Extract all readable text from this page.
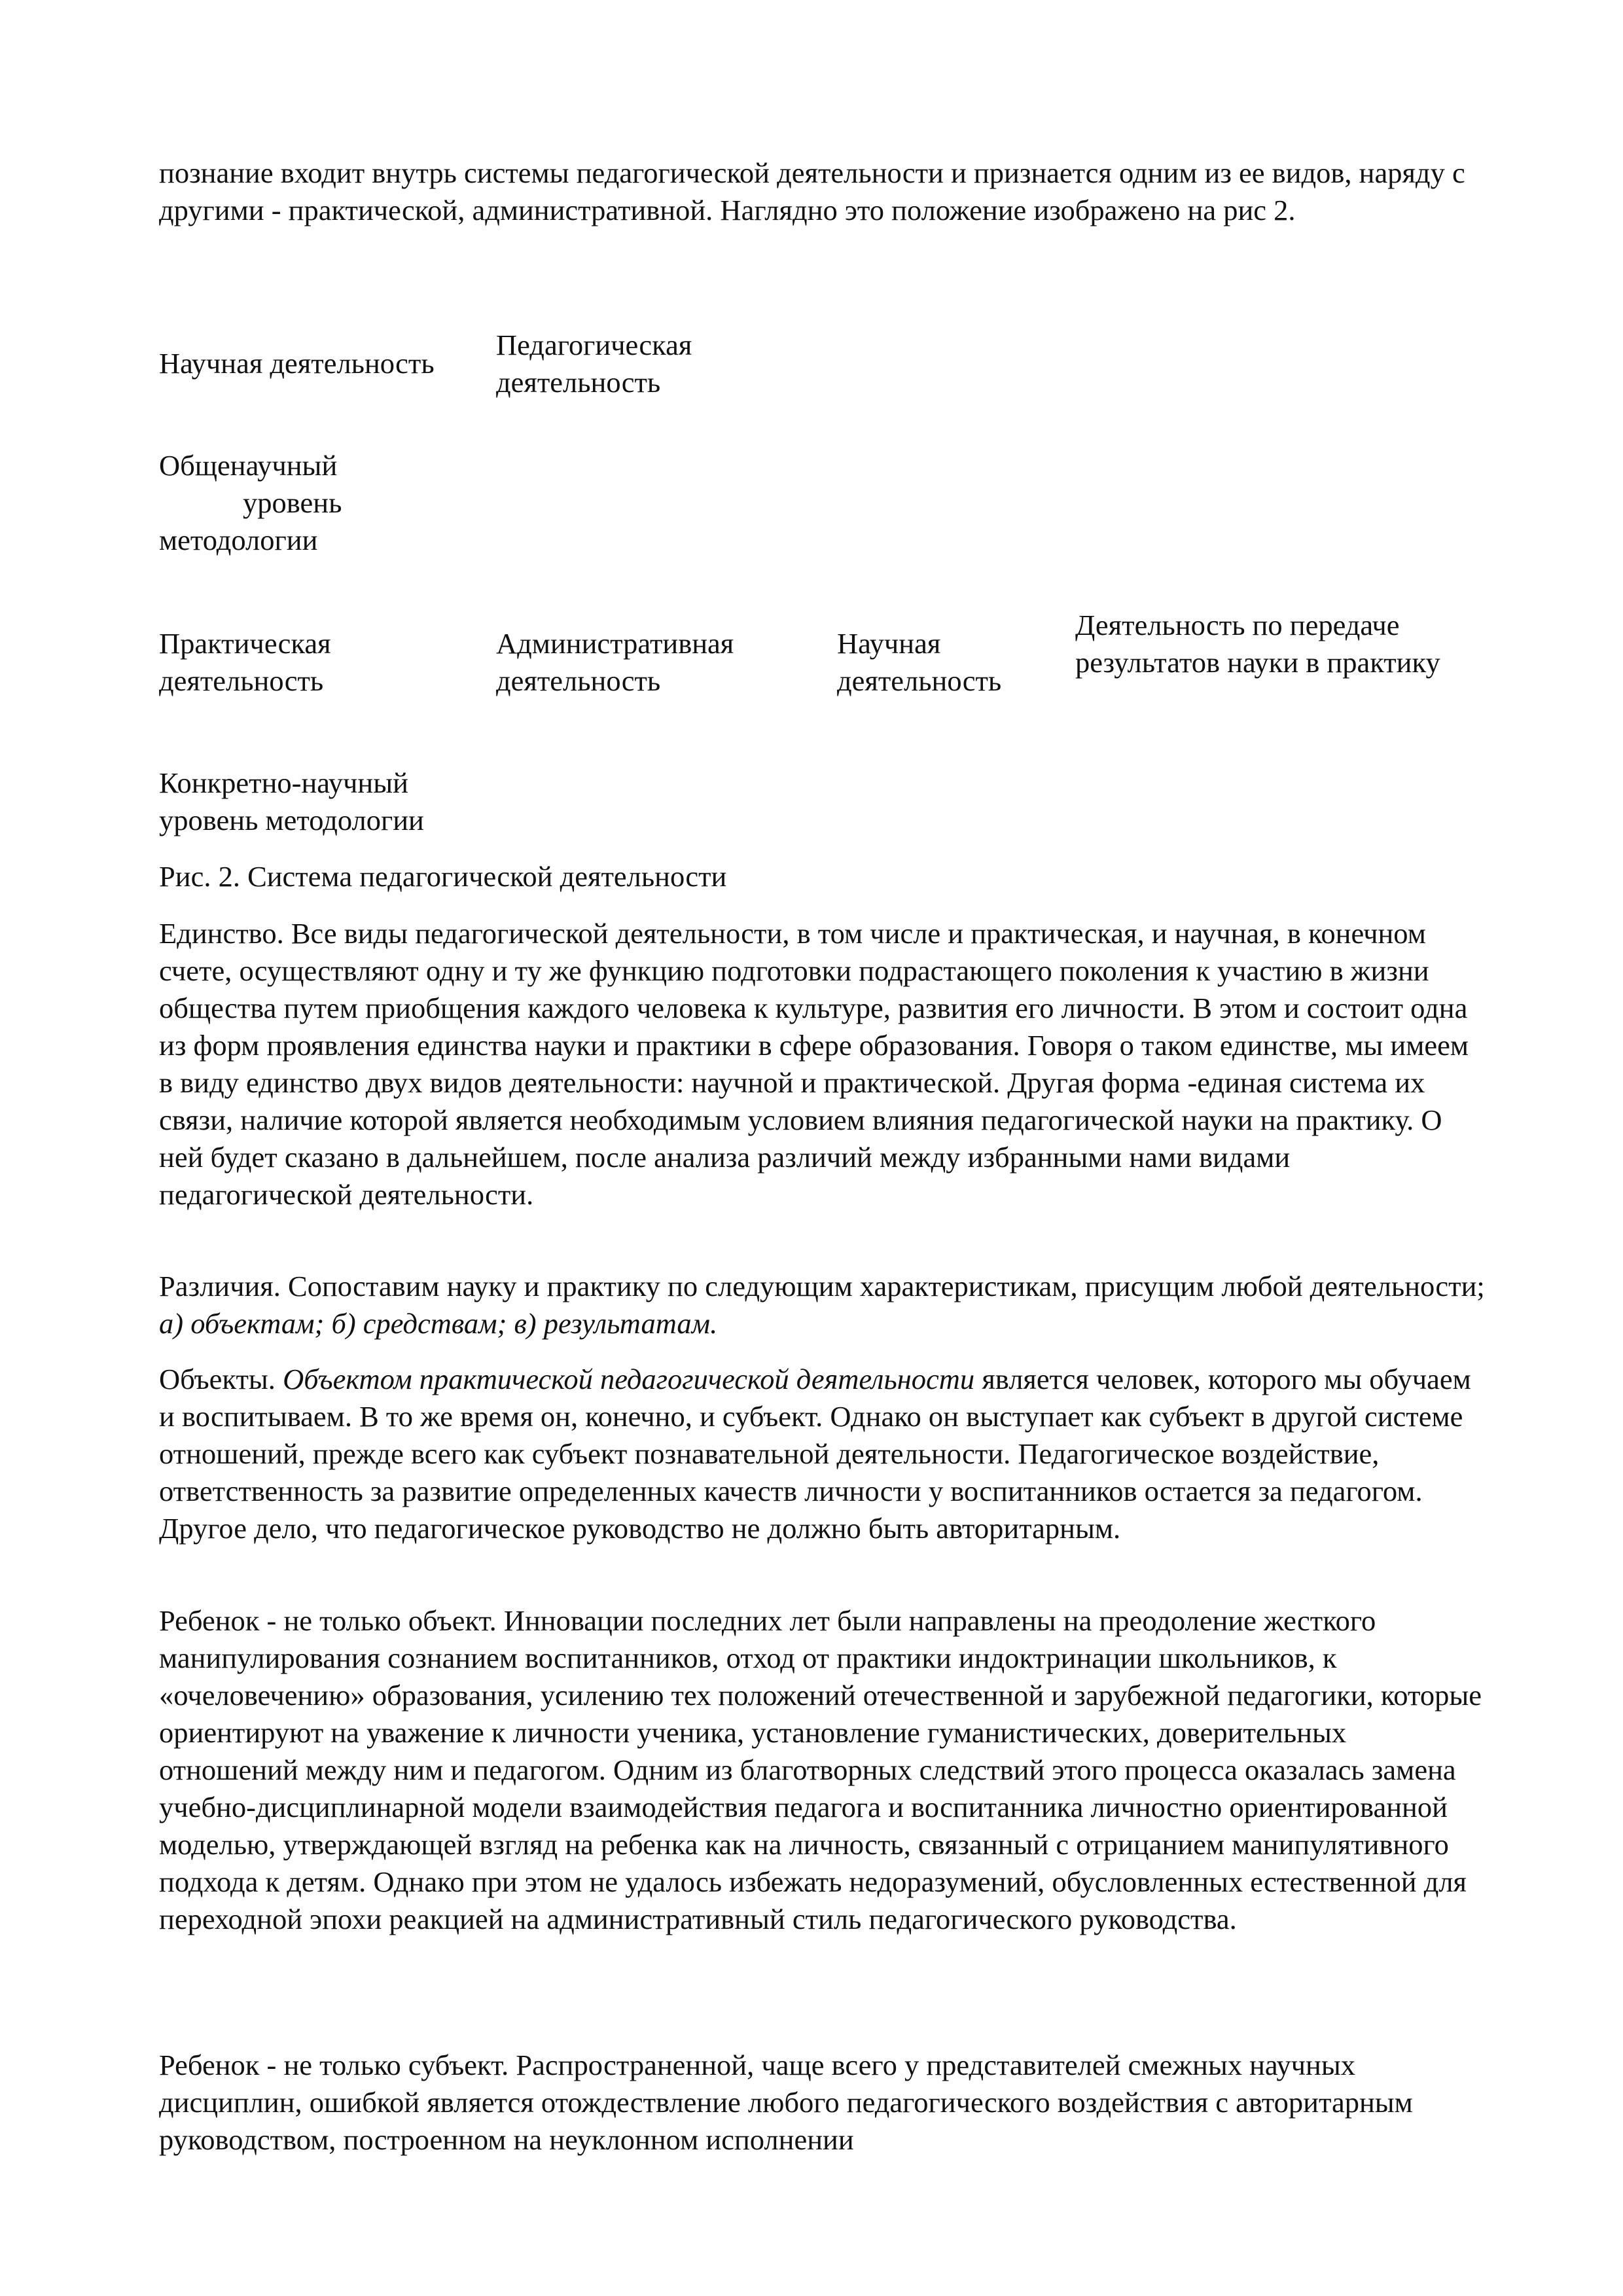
познание входит внутрь системы педагогической деятельности и признается одним из ее видов, наряду с другими - практической, административной. Наглядно это положение изображено на рис 2.

Научная деятельность

Педагогическая деятельность

Общенаучный
уровень
методологии

Практическая деятельность

Административная деятельность

Научная деятельность

Деятельность по передаче результатов науки в практику

Конкретно-научный уровень методологии

Рис. 2. Система педагогической деятельности

Единство. Все виды педагогической деятельности, в том числе и практическая, и научная, в конечном счете, осуществляют одну и ту же функцию подготовки подрастающего поколения к участию в жизни общества путем приобщения каждого человека к культуре, развития его личности. В этом и состоит одна из форм проявления единства науки и практики в сфере образования. Говоря о таком единстве, мы имеем в виду единство двух видов деятельности: научной и практической. Другая форма -единая система их связи, наличие которой является необходимым условием влияния педагогической науки на практику. О ней будет сказано в дальнейшем, после анализа различий между избранными нами видами педагогической деятельности.

Различия. Сопоставим науку и практику по следующим характеристикам, присущим любой деятельности; а) объектам; б) средствам; в) результатам.

Объекты. Объектом практической педагогической деятельности является человек, которого мы обучаем и воспитываем. В то же время он, конечно, и субъект. Однако он выступает как субъект в другой системе отношений, прежде всего как субъект познавательной деятельности. Педагогическое воздействие, ответственность за развитие определенных качеств личности у воспитанников остается за педагогом. Другое дело, что педагогическое руководство не должно быть авторитарным.

Ребенок - не только объект. Инновации последних лет были направлены на преодоление жесткого манипулирования сознанием воспитанников, отход от практики индоктринации школьников, к «очеловечению» образования, усилению тех положений отечественной и зарубежной педагогики, которые ориентируют на уважение к личности ученика, установление гуманистических, доверительных отношений между ним и педагогом. Одним из благотворных следствий этого процесса оказалась замена учебно-дисциплинарной модели взаимодействия педагога и воспитанника личностно ориентированной моделью, утверждающей взгляд на ребенка как на личность, связанный с отрицанием манипулятивного подхода к детям. Однако при этом не удалось избежать недоразумений, обусловленных естественной для переходной эпохи реакцией на административный стиль педагогического руководства.

Ребенок - не только субъект. Распространенной, чаще всего у представителей смежных научных дисциплин, ошибкой является отождествление любого педагогического воздействия с авторитарным руководством, построенном на неуклонном исполнении
